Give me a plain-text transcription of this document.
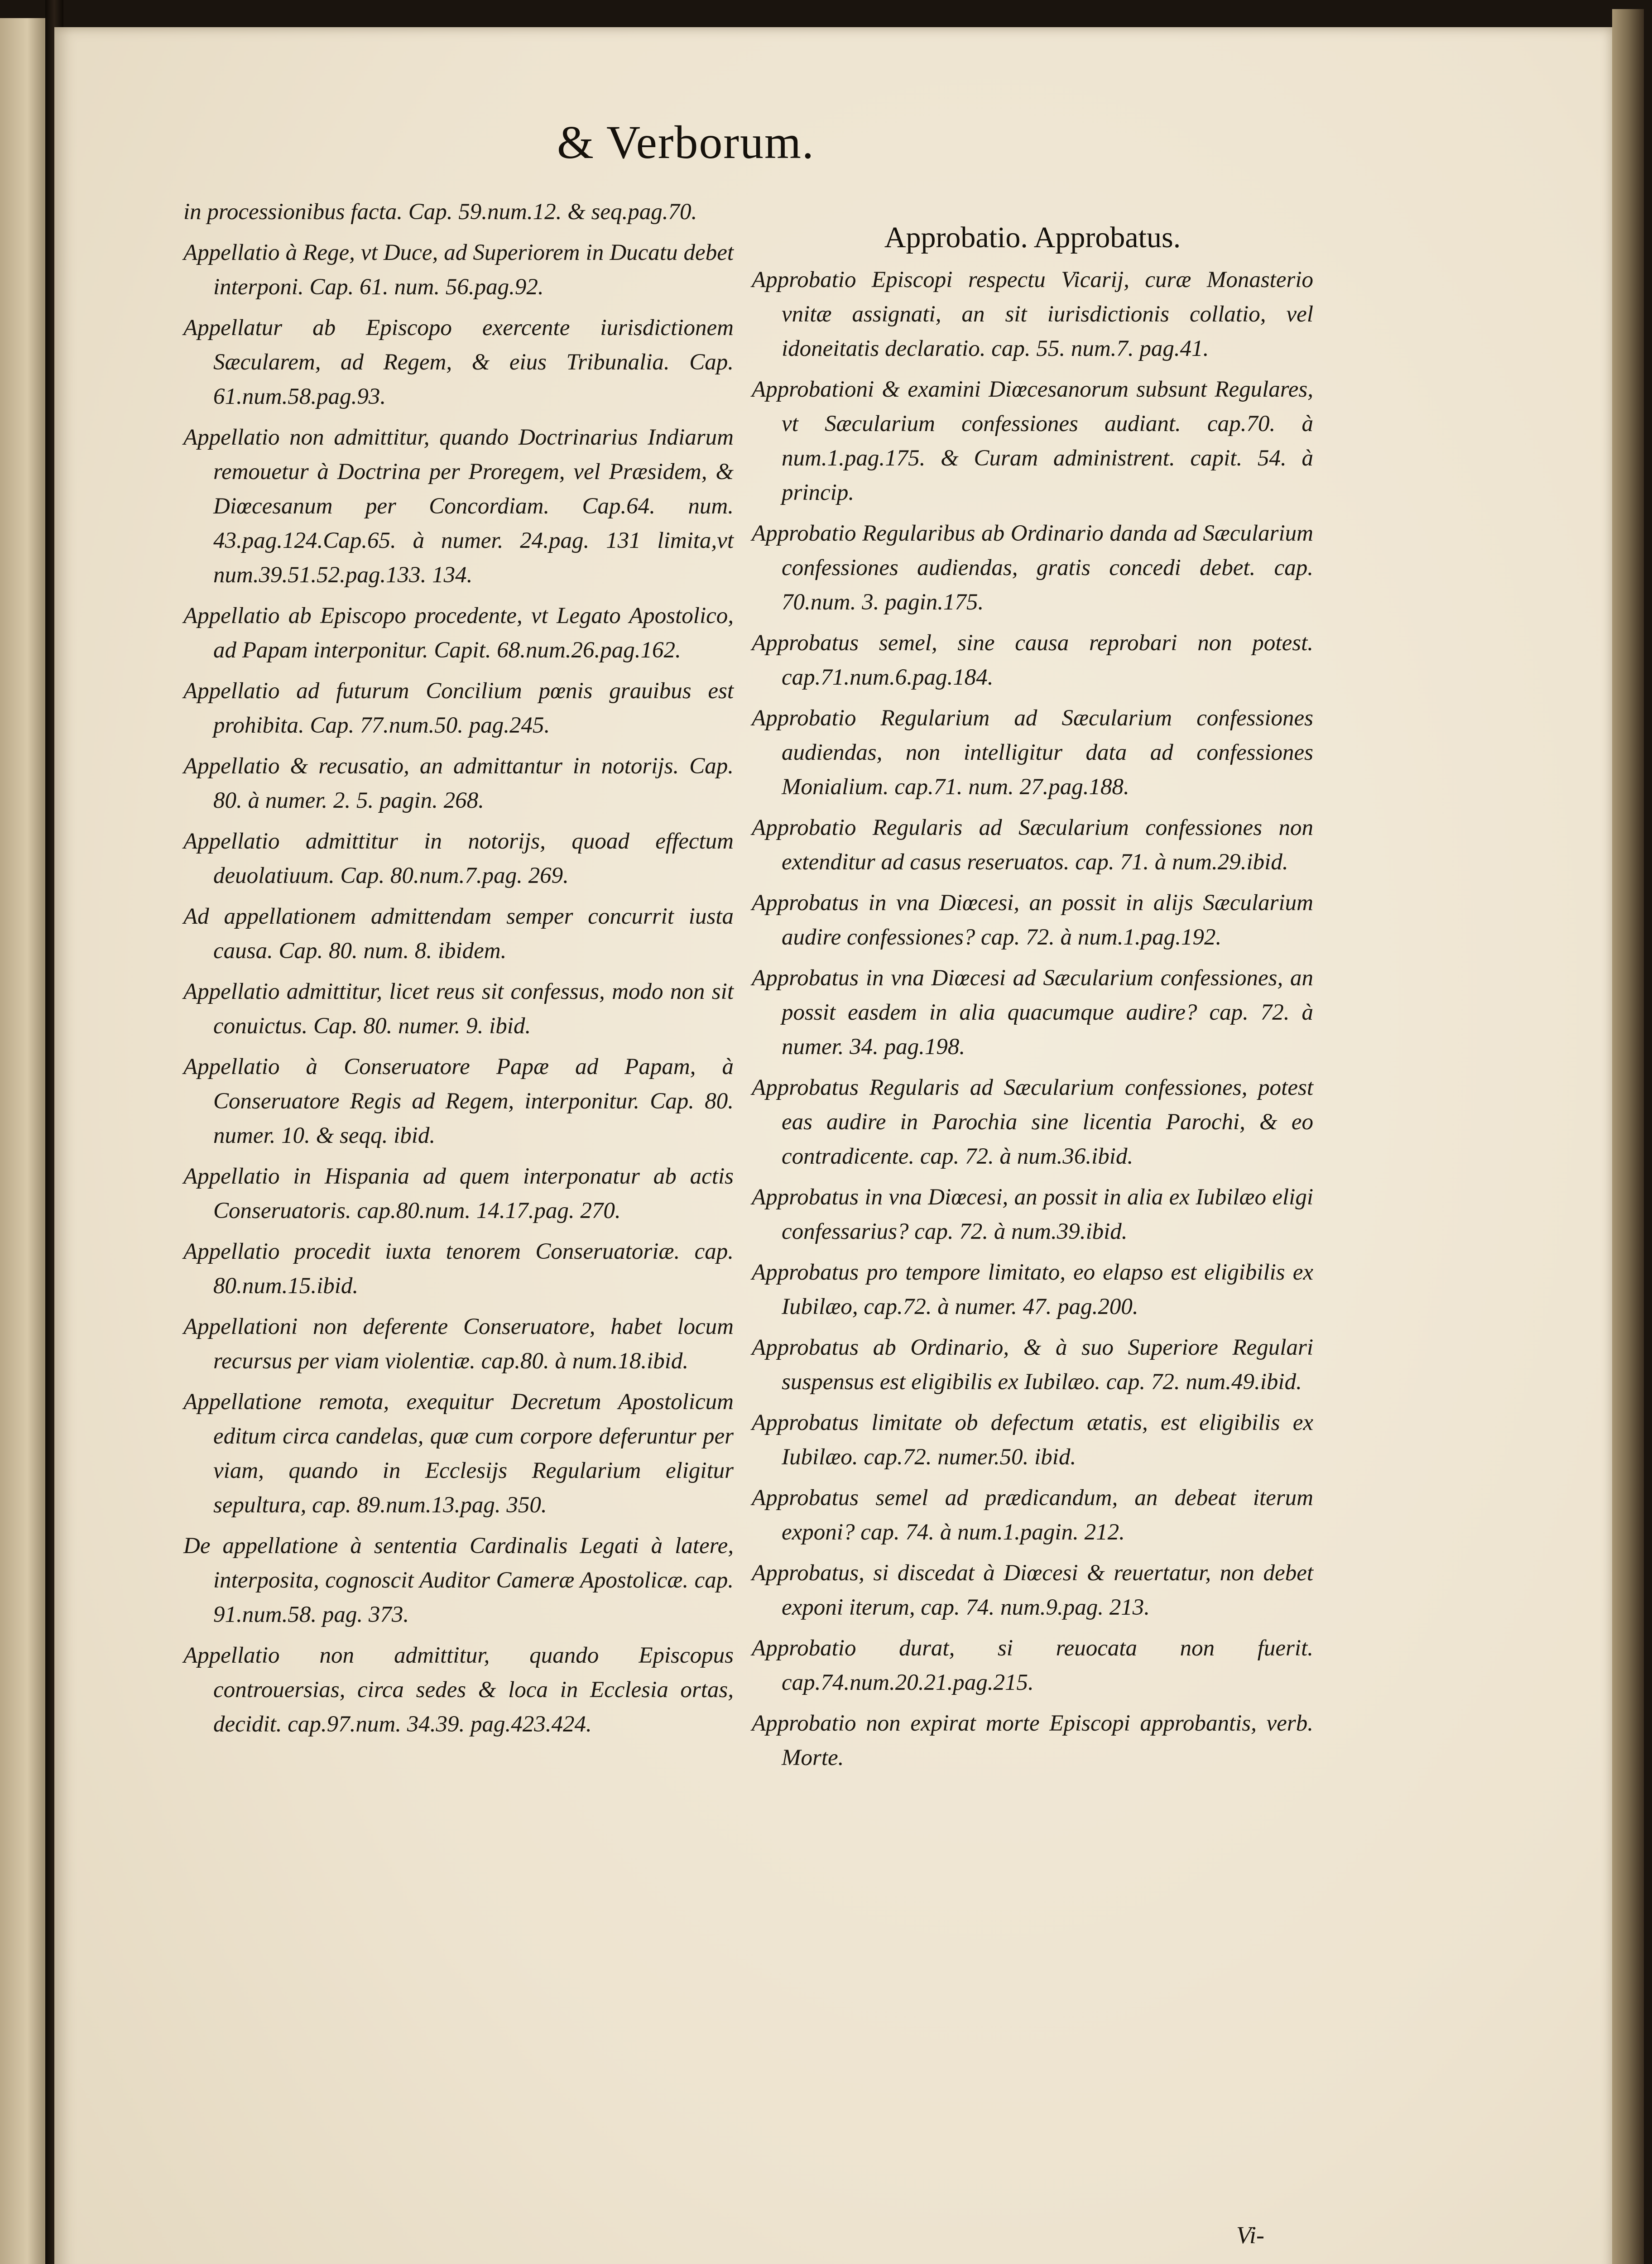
& Verborum.
in processionibus facta. Cap. 59.num.12. & seq.pag.70.
Appellatio à Rege, vt Duce, ad Superiorem in Ducatu debet interponi. Cap. 61. num. 56.pag.92.
Appellatur ab Episcopo exercente iurisdictionem Sæcularem, ad Regem, & eius Tribunalia. Cap. 61.num.58.pag.93.
Appellatio non admittitur, quando Doctrinarius Indiarum remouetur à Doctrina per Proregem, vel Præsidem, & Diœcesanum per Concordiam. Cap.64. num. 43.pag.124.Cap.65. à numer. 24.pag. 131 limita,vt num.39.51.52.pag.133. 134.
Appellatio ab Episcopo procedente, vt Legato Apostolico, ad Papam interponitur. Capit. 68.num.26.pag.162.
Appellatio ad futurum Concilium pœnis grauibus est prohibita. Cap. 77.num.50. pag.245.
Appellatio & recusatio, an admittantur in notorijs. Cap. 80. à numer. 2. 5. pagin. 268.
Appellatio admittitur in notorijs, quoad effectum deuolatiuum. Cap. 80.num.7.pag. 269.
Ad appellationem admittendam semper concurrit iusta causa. Cap. 80. num. 8. ibidem.
Appellatio admittitur, licet reus sit confessus, modo non sit conuictus. Cap. 80. numer. 9. ibid.
Appellatio à Conseruatore Papæ ad Papam, à Conseruatore Regis ad Regem, interponitur. Cap. 80. numer. 10. & seqq. ibid.
Appellatio in Hispania ad quem interponatur ab actis Conseruatoris. cap.80.num. 14.17.pag. 270.
Appellatio procedit iuxta tenorem Conseruatoriæ. cap. 80.num.15.ibid.
Appellationi non deferente Conseruatore, habet locum recursus per viam violentiæ. cap.80. à num.18.ibid.
Appellatione remota, exequitur Decretum Apostolicum editum circa candelas, quæ cum corpore deferuntur per viam, quando in Ecclesijs Regularium eligitur sepultura, cap. 89.num.13.pag. 350.
De appellatione à sententia Cardinalis Legati à latere, interposita, cognoscit Auditor Cameræ Apostolicæ. cap. 91.num.58. pag. 373.
Appellatio non admittitur, quando Episcopus controuersias, circa sedes & loca in Ecclesia ortas, decidit. cap.97.num. 34.39. pag.423.424.
Approbatio. Approbatus.
Approbatio Episcopi respectu Vicarij, curæ Monasterio vnitæ assignati, an sit iurisdictionis collatio, vel idoneitatis declaratio. cap. 55. num.7. pag.41.
Approbationi & examini Diœcesanorum subsunt Regulares, vt Sæcularium confessiones audiant. cap.70. à num.1.pag.175. & Curam administrent. capit. 54. à princip.
Approbatio Regularibus ab Ordinario danda ad Sæcularium confessiones audiendas, gratis concedi debet. cap. 70.num. 3. pagin.175.
Approbatus semel, sine causa reprobari non potest. cap.71.num.6.pag.184.
Approbatio Regularium ad Sæcularium confessiones audiendas, non intelligitur data ad confessiones Monialium. cap.71. num. 27.pag.188.
Approbatio Regularis ad Sæcularium confessiones non extenditur ad casus reseruatos. cap. 71. à num.29.ibid.
Approbatus in vna Diœcesi, an possit in alijs Sæcularium audire confessiones? cap. 72. à num.1.pag.192.
Approbatus in vna Diœcesi ad Sæcularium confessiones, an possit easdem in alia quacumque audire? cap. 72. à numer. 34. pag.198.
Approbatus Regularis ad Sæcularium confessiones, potest eas audire in Parochia sine licentia Parochi, & eo contradicente. cap. 72. à num.36.ibid.
Approbatus in vna Diœcesi, an possit in alia ex Iubilæo eligi confessarius? cap. 72. à num.39.ibid.
Approbatus pro tempore limitato, eo elapso est eligibilis ex Iubilæo, cap.72. à numer. 47. pag.200.
Approbatus ab Ordinario, & à suo Superiore Regulari suspensus est eligibilis ex Iubilæo. cap. 72. num.49.ibid.
Approbatus limitate ob defectum ætatis, est eligibilis ex Iubilæo. cap.72. numer.50. ibid.
Approbatus semel ad prædicandum, an debeat iterum exponi? cap. 74. à num.1.pagin. 212.
Approbatus, si discedat à Diœcesi & reuertatur, non debet exponi iterum, cap. 74. num.9.pag. 213.
Approbatio durat, si reuocata non fuerit. cap.74.num.20.21.pag.215.
Approbatio non expirat morte Episcopi approbantis, verb. Morte.
Vi-
